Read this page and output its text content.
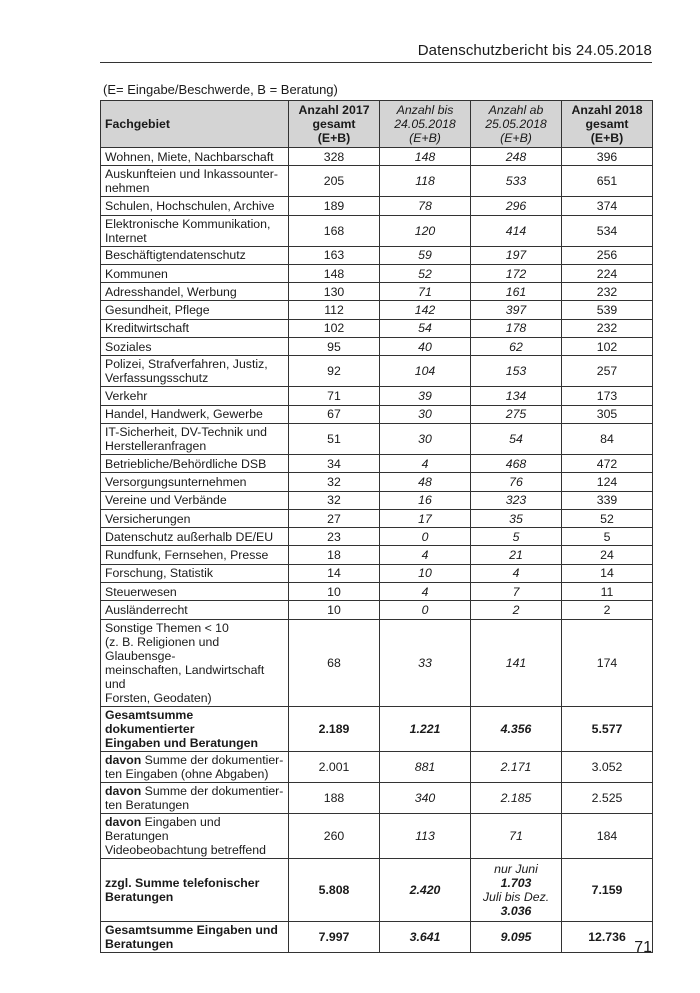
Datenschutzbericht bis 24.05.2018
(E= Eingabe/Beschwerde, B = Beratung)
Fachgebiet	Anzahl 2017
gesamt
(E+B)	Anzahl bis
24.05.2018
(E+B)	Anzahl ab
25.05.2018
(E+B)	Anzahl 2018
gesamt
(E+B)
Wohnen, Miete, Nachbarschaft	328	148	248	396
Auskunfteien und Inkassounter-
nehmen	205	118	533	651
Schulen, Hochschulen, Archive	189	78	296	374
Elektronische Kommunikation,
Internet	168	120	414	534
Beschäftigtendatenschutz	163	59	197	256
Kommunen	148	52	172	224
Adresshandel, Werbung	130	71	161	232
Gesundheit, Pflege	112	142	397	539
Kreditwirtschaft	102	54	178	232
Soziales	95	40	62	102
Polizei, Strafverfahren, Justiz,
Verfassungsschutz	92	104	153	257
Verkehr	71	39	134	173
Handel, Handwerk, Gewerbe	67	30	275	305
IT-Sicherheit, DV-Technik und
Herstelleranfragen	51	30	54	84
Betriebliche/Behördliche DSB	34	4	468	472
Versorgungsunternehmen	32	48	76	124
Vereine und Verbände	32	16	323	339
Versicherungen	27	17	35	52
Datenschutz außerhalb DE/EU	23	0	5	5
Rundfunk, Fernsehen, Presse	18	4	21	24
Forschung, Statistik	14	10	4	14
Steuerwesen	10	4	7	11
Ausländerrecht	10	0	2	2
Sonstige Themen < 10
(z. B. Religionen und Glaubensge-
meinschaften, Landwirtschaft und
Forsten, Geodaten)	68	33	141	174
Gesamtsumme dokumentierter
Eingaben und Beratungen	2.189	1.221	4.356	5.577
davon Summe der dokumentier-
ten Eingaben (ohne Abgaben)	2.001	881	2.171	3.052
davon Summe der dokumentier-
ten Beratungen	188	340	2.185	2.525
davon Eingaben und Beratungen
Videobeobachtung betreffend	260	113	71	184
zzgl. Summe telefonischer
Beratungen	5.808	2.420	nur Juni
1.703
Juli bis Dez.
3.036	7.159
Gesamtsumme Eingaben und
Beratungen	7.997	3.641	9.095	12.736
71
